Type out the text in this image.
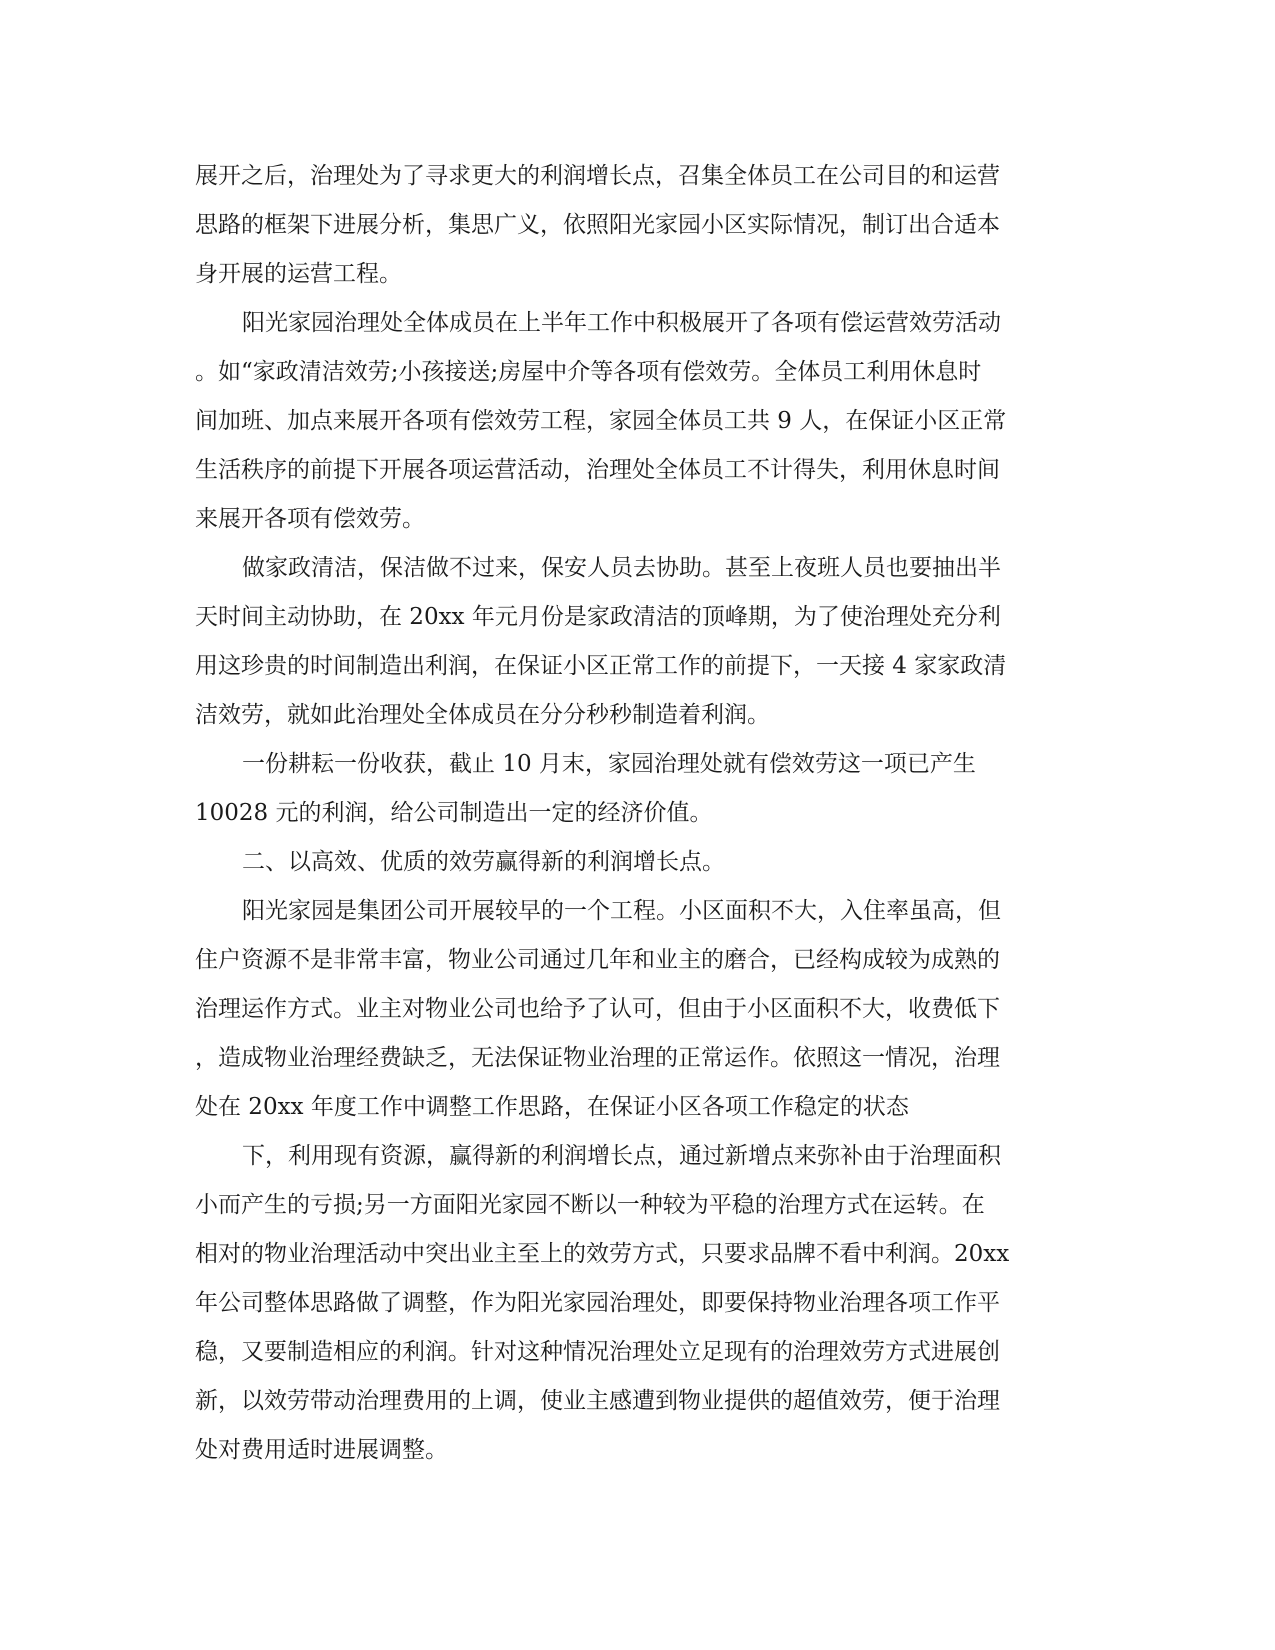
展开之后，治理处为了寻求更大的利润增长点，召集全体员工在公司目的和运营
思路的框架下进展分析，集思广义，依照阳光家园小区实际情况，制订出合适本
身开展的运营工程。
阳光家园治理处全体成员在上半年工作中积极展开了各项有偿运营效劳活动
。如“家政清洁效劳;小孩接送;房屋中介等各项有偿效劳。全体员工利用休息时
间加班、加点来展开各项有偿效劳工程，家园全体员工共 9 人，在保证小区正常
生活秩序的前提下开展各项运营活动，治理处全体员工不计得失，利用休息时间
来展开各项有偿效劳。
做家政清洁，保洁做不过来，保安人员去协助。甚至上夜班人员也要抽出半
天时间主动协助，在 20xx 年元月份是家政清洁的顶峰期，为了使治理处充分利
用这珍贵的时间制造出利润，在保证小区正常工作的前提下，一天接 4 家家政清
洁效劳，就如此治理处全体成员在分分秒秒制造着利润。
一份耕耘一份收获，截止 10 月末，家园治理处就有偿效劳这一项已产生
10028 元的利润，给公司制造出一定的经济价值。
二、以高效、优质的效劳赢得新的利润增长点。
阳光家园是集团公司开展较早的一个工程。小区面积不大，入住率虽高，但
住户资源不是非常丰富，物业公司通过几年和业主的磨合，已经构成较为成熟的
治理运作方式。业主对物业公司也给予了认可，但由于小区面积不大，收费低下
，造成物业治理经费缺乏，无法保证物业治理的正常运作。依照这一情况，治理
处在 20xx 年度工作中调整工作思路，在保证小区各项工作稳定的状态
下，利用现有资源，赢得新的利润增长点，通过新增点来弥补由于治理面积
小而产生的亏损;另一方面阳光家园不断以一种较为平稳的治理方式在运转。在
相对的物业治理活动中突出业主至上的效劳方式，只要求品牌不看中利润。20xx
年公司整体思路做了调整，作为阳光家园治理处，即要保持物业治理各项工作平
稳，又要制造相应的利润。针对这种情况治理处立足现有的治理效劳方式进展创
新，以效劳带动治理费用的上调，使业主感遭到物业提供的超值效劳，便于治理
处对费用适时进展调整。
